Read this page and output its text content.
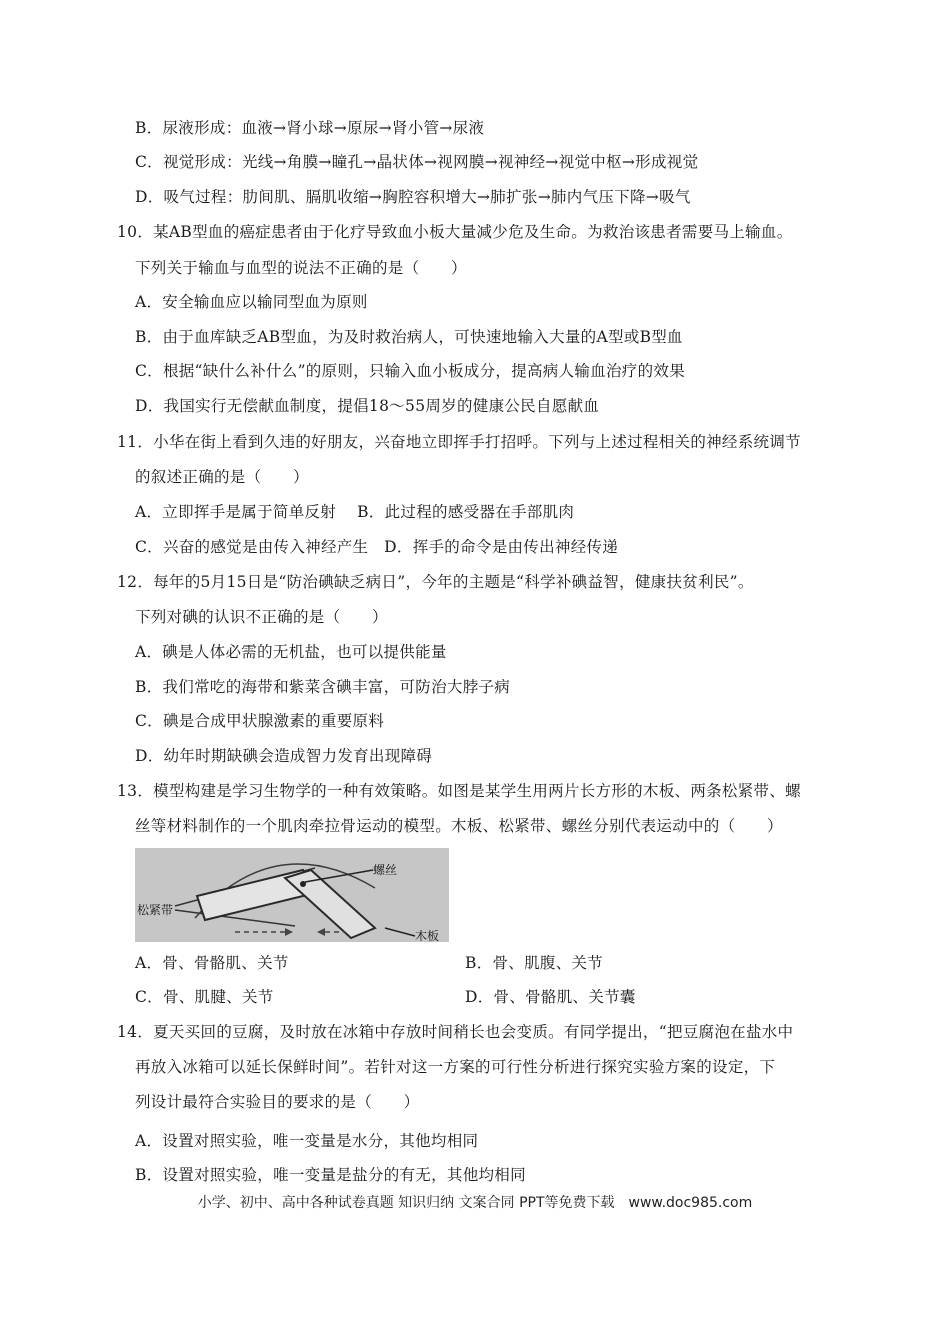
B．尿液形成：血液→肾小球→原尿→肾小管→尿液
C．视觉形成：光线→角膜→瞳孔→晶状体→视网膜→视神经→视觉中枢→形成视觉
D．吸气过程：肋间肌、膈肌收缩→胸腔容积增大→肺扩张→肺内气压下降→吸气
10．某AB型血的癌症患者由于化疗导致血小板大量减少危及生命。为救治该患者需要马上输血。
下列关于输血与血型的说法不正确的是（　　）
A．安全输血应以输同型血为原则
B．由于血库缺乏AB型血，为及时救治病人，可快速地输入大量的A型或B型血
C．根据“缺什么补什么”的原则，只输入血小板成分，提高病人输血治疗的效果
D．我国实行无偿献血制度，提倡18～55周岁的健康公民自愿献血
11．小华在街上看到久违的好朋友，兴奋地立即挥手打招呼。下列与上述过程相关的神经系统调节
的叙述正确的是（　　）
A．立即挥手是属于简单反射　 B．此过程的感受器在手部肌肉
C．兴奋的感觉是由传入神经产生　D．挥手的命令是由传出神经传递
12．每年的5月15日是“防治碘缺乏病日”，今年的主题是“科学补碘益智，健康扶贫利民”。
下列对碘的认识不正确的是（　　）
A．碘是人体必需的无机盐，也可以提供能量
B．我们常吃的海带和紫菜含碘丰富，可防治大脖子病
C．碘是合成甲状腺激素的重要原料
D．幼年时期缺碘会造成智力发育出现障碍
13．模型构建是学习生物学的一种有效策略。如图是某学生用两片长方形的木板、两条松紧带、螺
丝等材料制作的一个肌肉牵拉骨运动的模型。木板、松紧带、螺丝分别代表运动中的（　　）
螺丝
松紧带
木板
A．骨、骨骼肌、关节	B．骨、肌腹、关节
C．骨、肌腱、关节	D．骨、骨骼肌、关节囊
14．夏天买回的豆腐，及时放在冰箱中存放时间稍长也会变质。有同学提出，“把豆腐泡在盐水中
再放入冰箱可以延长保鲜时间”。若针对这一方案的可行性分析进行探究实验方案的设定，下
列设计最符合实验目的要求的是（　　）
A．设置对照实验，唯一变量是水分，其他均相同
B．设置对照实验，唯一变量是盐分的有无，其他均相同
小学、初中、高中各种试卷真题 知识归纳 文案合同 PPT等免费下载　www.doc985.com
